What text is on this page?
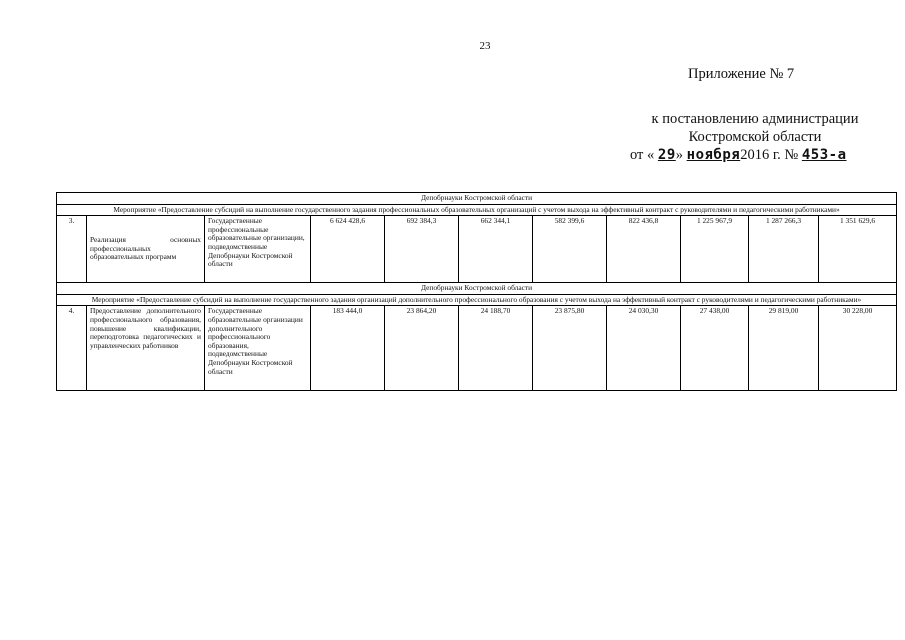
23
Приложение № 7
к постановлению администрации
Костромской области
от « 29» ноября2016 г. № 453-а
Депобрнауки Костромской области										
Мероприятие «Предоставление субсидий на выполнение государственного задания профессиональных образовательных организаций с учетом выхода на эффективный контракт с руководителями и педагогическими работниками»										
3.	Реализация основных профессиональных образовательных программ	Государственные профессиональные образовательные организации, подведомственные Депобрнауки Костромской области	6 624 428,6	692 384,3	662 344,1	582 399,6	822 436,8	1 225 967,9	1 287 266,3	1 351 629,6
Депобрнауки Костромской области										
Мероприятие «Предоставление субсидий на выполнение государственного задания организаций дополнительного профессионального образования с учетом выхода на эффективный контракт с руководителями и педагогическими работниками»										
4.	Предоставление дополнительного профессионального образования, повышение квалификации, переподготовка педагогических и управленческих работников	Государственные образовательные организации дополнительного профессионального образования, подведомственные Депобрнауки Костромской области	183 444,0	23 864,20	24 188,70	23 875,80	24 030,30	27 438,00	29 819,00	30 228,00
